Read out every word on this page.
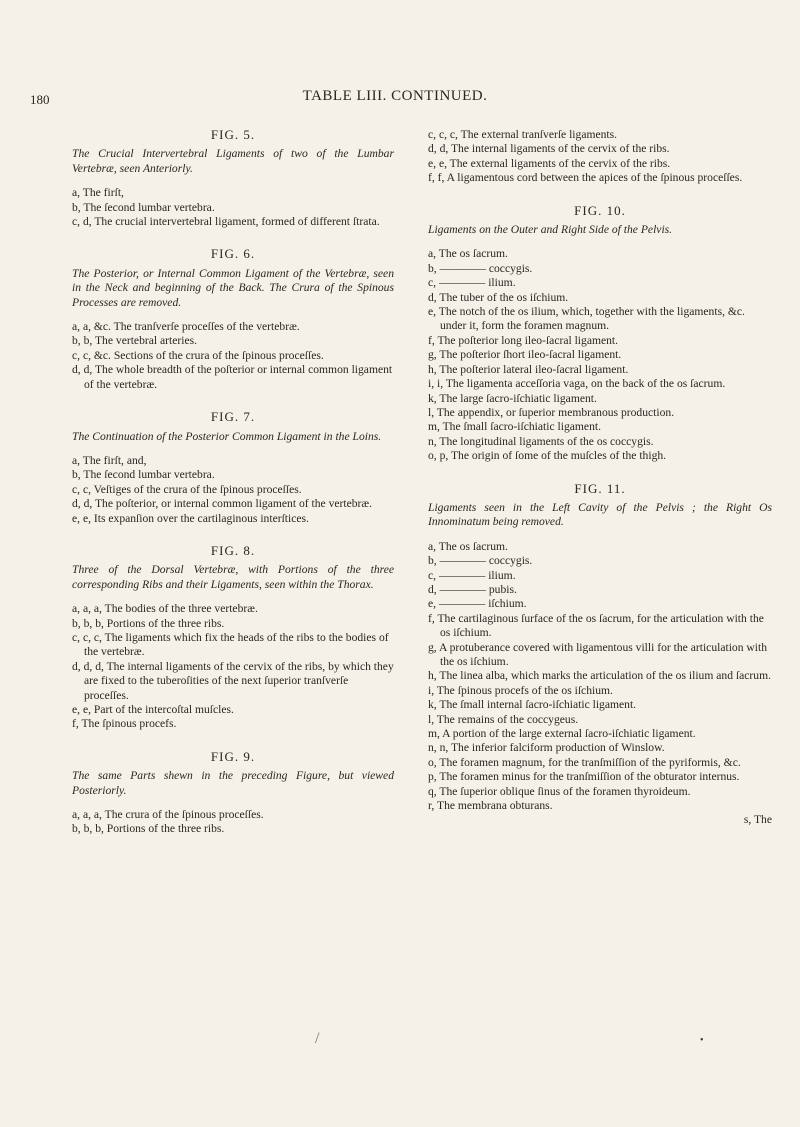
180	TABLE LIII. CONTINUED.
FIG. 5.

The Crucial Intervertebral Ligaments of two of the Lumbar Vertebræ, seen Anteriorly.

a, The firſt,

b, The ſecond lumbar vertebra.

c, d, The crucial intervertebral ligament, formed of different ſtrata.

FIG. 6.

The Posterior, or Internal Common Ligament of the Vertebræ, seen in the Neck and beginning of the Back. The Crura of the Spinous Processes are removed.

a, a, &c. The tranſverſe proceſſes of the vertebræ.

b, b, The vertebral arteries.

c, c, &c. Sections of the crura of the ſpinous proceſſes.

d, d, The whole breadth of the poſterior or internal common ligament of the vertebræ.

FIG. 7.

The Continuation of the Posterior Common Ligament in the Loins.

a, The firſt, and,

b, The ſecond lumbar vertebra.

c, c, Veſtiges of the crura of the ſpinous proceſſes.

d, d, The poſterior, or internal common ligament of the vertebræ.

e, e, Its expanſion over the cartilaginous interſtices.

FIG. 8.

Three of the Dorsal Vertebræ, with Portions of the three corresponding Ribs and their Ligaments, seen within the Thorax.

a, a, a, The bodies of the three vertebræ.

b, b, b, Portions of the three ribs.

c, c, c, The ligaments which fix the heads of the ribs to the bodies of the vertebræ.

d, d, d, The internal ligaments of the cervix of the ribs, by which they are fixed to the tuberoſities of the next ſuperior tranſverſe proceſſes.

e, e, Part of the intercoſtal muſcles.

f, The ſpinous procefs.

FIG. 9.

The same Parts shewn in the preceding Figure, but viewed Posteriorly.

a, a, a, The crura of the ſpinous proceſſes.

b, b, b, Portions of the three ribs.

c, c, c, The external tranſverſe ligaments.

d, d, The internal ligaments of the cervix of the ribs.

e, e, The external ligaments of the cervix of the ribs.

f, f, A ligamentous cord between the apices of the ſpinous proceſſes.

FIG. 10.

Ligaments on the Outer and Right Side of the Pelvis.

a, The os ſacrum.

b, ———— coccygis.

c, ———— ilium.

d, The tuber of the os iſchium.

e, The notch of the os ilium, which, together with the ligaments, &c. under it, form the foramen magnum.

f, The poſterior long ileo-ſacral ligament.

g, The poſterior ſhort ileo-ſacral ligament.

h, The poſterior lateral ileo-ſacral ligament.

i, i, The ligamenta acceſſoria vaga, on the back of the os ſacrum.

k, The large ſacro-iſchiatic ligament.

l, The appendix, or ſuperior membranous production.

m, The ſmall ſacro-iſchiatic ligament.

n, The longitudinal ligaments of the os coccygis.

o, p, The origin of ſome of the muſcles of the thigh.

FIG. 11.

Ligaments seen in the Left Cavity of the Pelvis ; the Right Os Innominatum being removed.

a, The os ſacrum.

b, ———— coccygis.

c, ———— ilium.

d, ———— pubis.

e, ———— iſchium.

f, The cartilaginous ſurface of the os ſacrum, for the articulation with the os iſchium.

g, A protuberance covered with ligamentous villi for the articulation with the os iſchium.

h, The linea alba, which marks the articulation of the os ilium and ſacrum.

i, The ſpinous procefs of the os iſchium.

k, The ſmall internal ſacro-iſchiatic ligament.

l, The remains of the coccygeus.

m, A portion of the large external ſacro-iſchiatic ligament.

n, n, The inferior falciform production of Winslow.

o, The foramen magnum, for the tranſmiſſion of the pyriformis, &c.

p, The foramen minus for the tranſmiſſion of the obturator internus.

q, The ſuperior oblique ſinus of the foramen thyroideum.

r, The membrana obturans.

s, The

/	•
